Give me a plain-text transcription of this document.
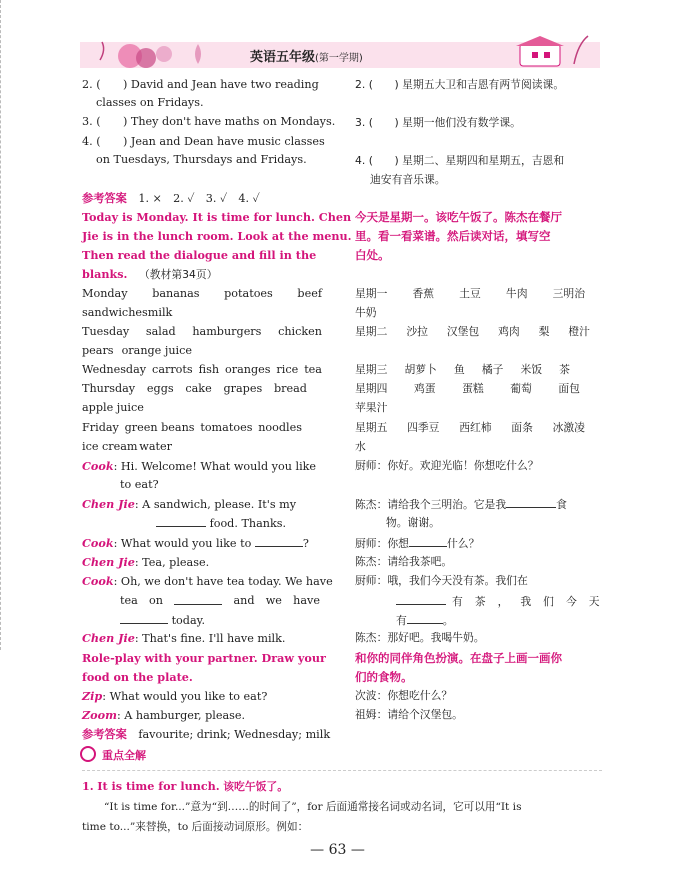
英语五年级(第一学期)
2. (　　) David and Jean have two reading
classes on Fridays.
3. (　　) They don't have maths on Mondays.
4. (　　) Jean and Dean have music classes
on Tuesdays, Thursdays and Fridays.
参考答案 1. ×　2. ✓　3. ✓　4. ✓
Today is Monday. It is time for lunch. Chen
Jie is in the lunch room. Look at the menu.
Then read the dialogue and fill in the
blanks. （教材第34页）
Monday bananas potatoes beef
sandwiches milk
Tuesday salad hamburgers chicken
pears orange juice
Wednesday carrots fish oranges rice tea
Thursday eggs cake grapes bread
apple juice
Friday green beans tomatoes noodles
ice cream water
Cook: Hi. Welcome! What would you like
to eat?
Chen Jie: A sandwich, please. It's my
food. Thanks.
Cook: What would you like to	?
Chen Jie: Tea, please.
Cook: Oh, we don't have tea today. We have
tea on	and we have
today.
Chen Jie: That's fine. I'll have milk.
Role-play with your partner. Draw your
food on the plate.
Zip: What would you like to eat?
Zoom: A hamburger, please.
参考答案 favourite; drink; Wednesday; milk
2. (　　) 星期五大卫和吉恩有两节阅读课。
3. (　　) 星期一他们没有数学课。
4. (　　) 星期二、星期四和星期五，吉恩和
迪安有音乐课。
今天是星期一。该吃午饭了。陈杰在餐厅
里。看一看菜谱。然后读对话，填写空
白处。
星期一 香蕉 土豆 牛肉 三明治
牛奶
星期二 沙拉 汉堡包 鸡肉 梨 橙汁
星期三 胡萝卜 鱼 橘子 米饭 茶
星期四 鸡蛋 蛋糕 葡萄 面包
苹果汁
星期五 四季豆 西红柿 面条 冰激凌
水
厨师：你好。欢迎光临！你想吃什么？
陈杰：请给我个三明治。它是我	食
物。谢谢。
厨师：你想	什么？
陈杰：请给我茶吧。
厨师：哦，我们今天没有茶。我们在
有茶，我们今天
有	。
陈杰：那好吧。我喝牛奶。
和你的同伴角色扮演。在盘子上画一画你
们的食物。
次波：你想吃什么？
祖姆：请给个汉堡包。
重点全解
1. It is time for lunch. 该吃午饭了。
“It is time for...”意为“到……的时间了”，for 后面通常接名词或动名词，它可以用“It is
time to...”来替换，to 后面接动词原形。例如：
— 63 —
